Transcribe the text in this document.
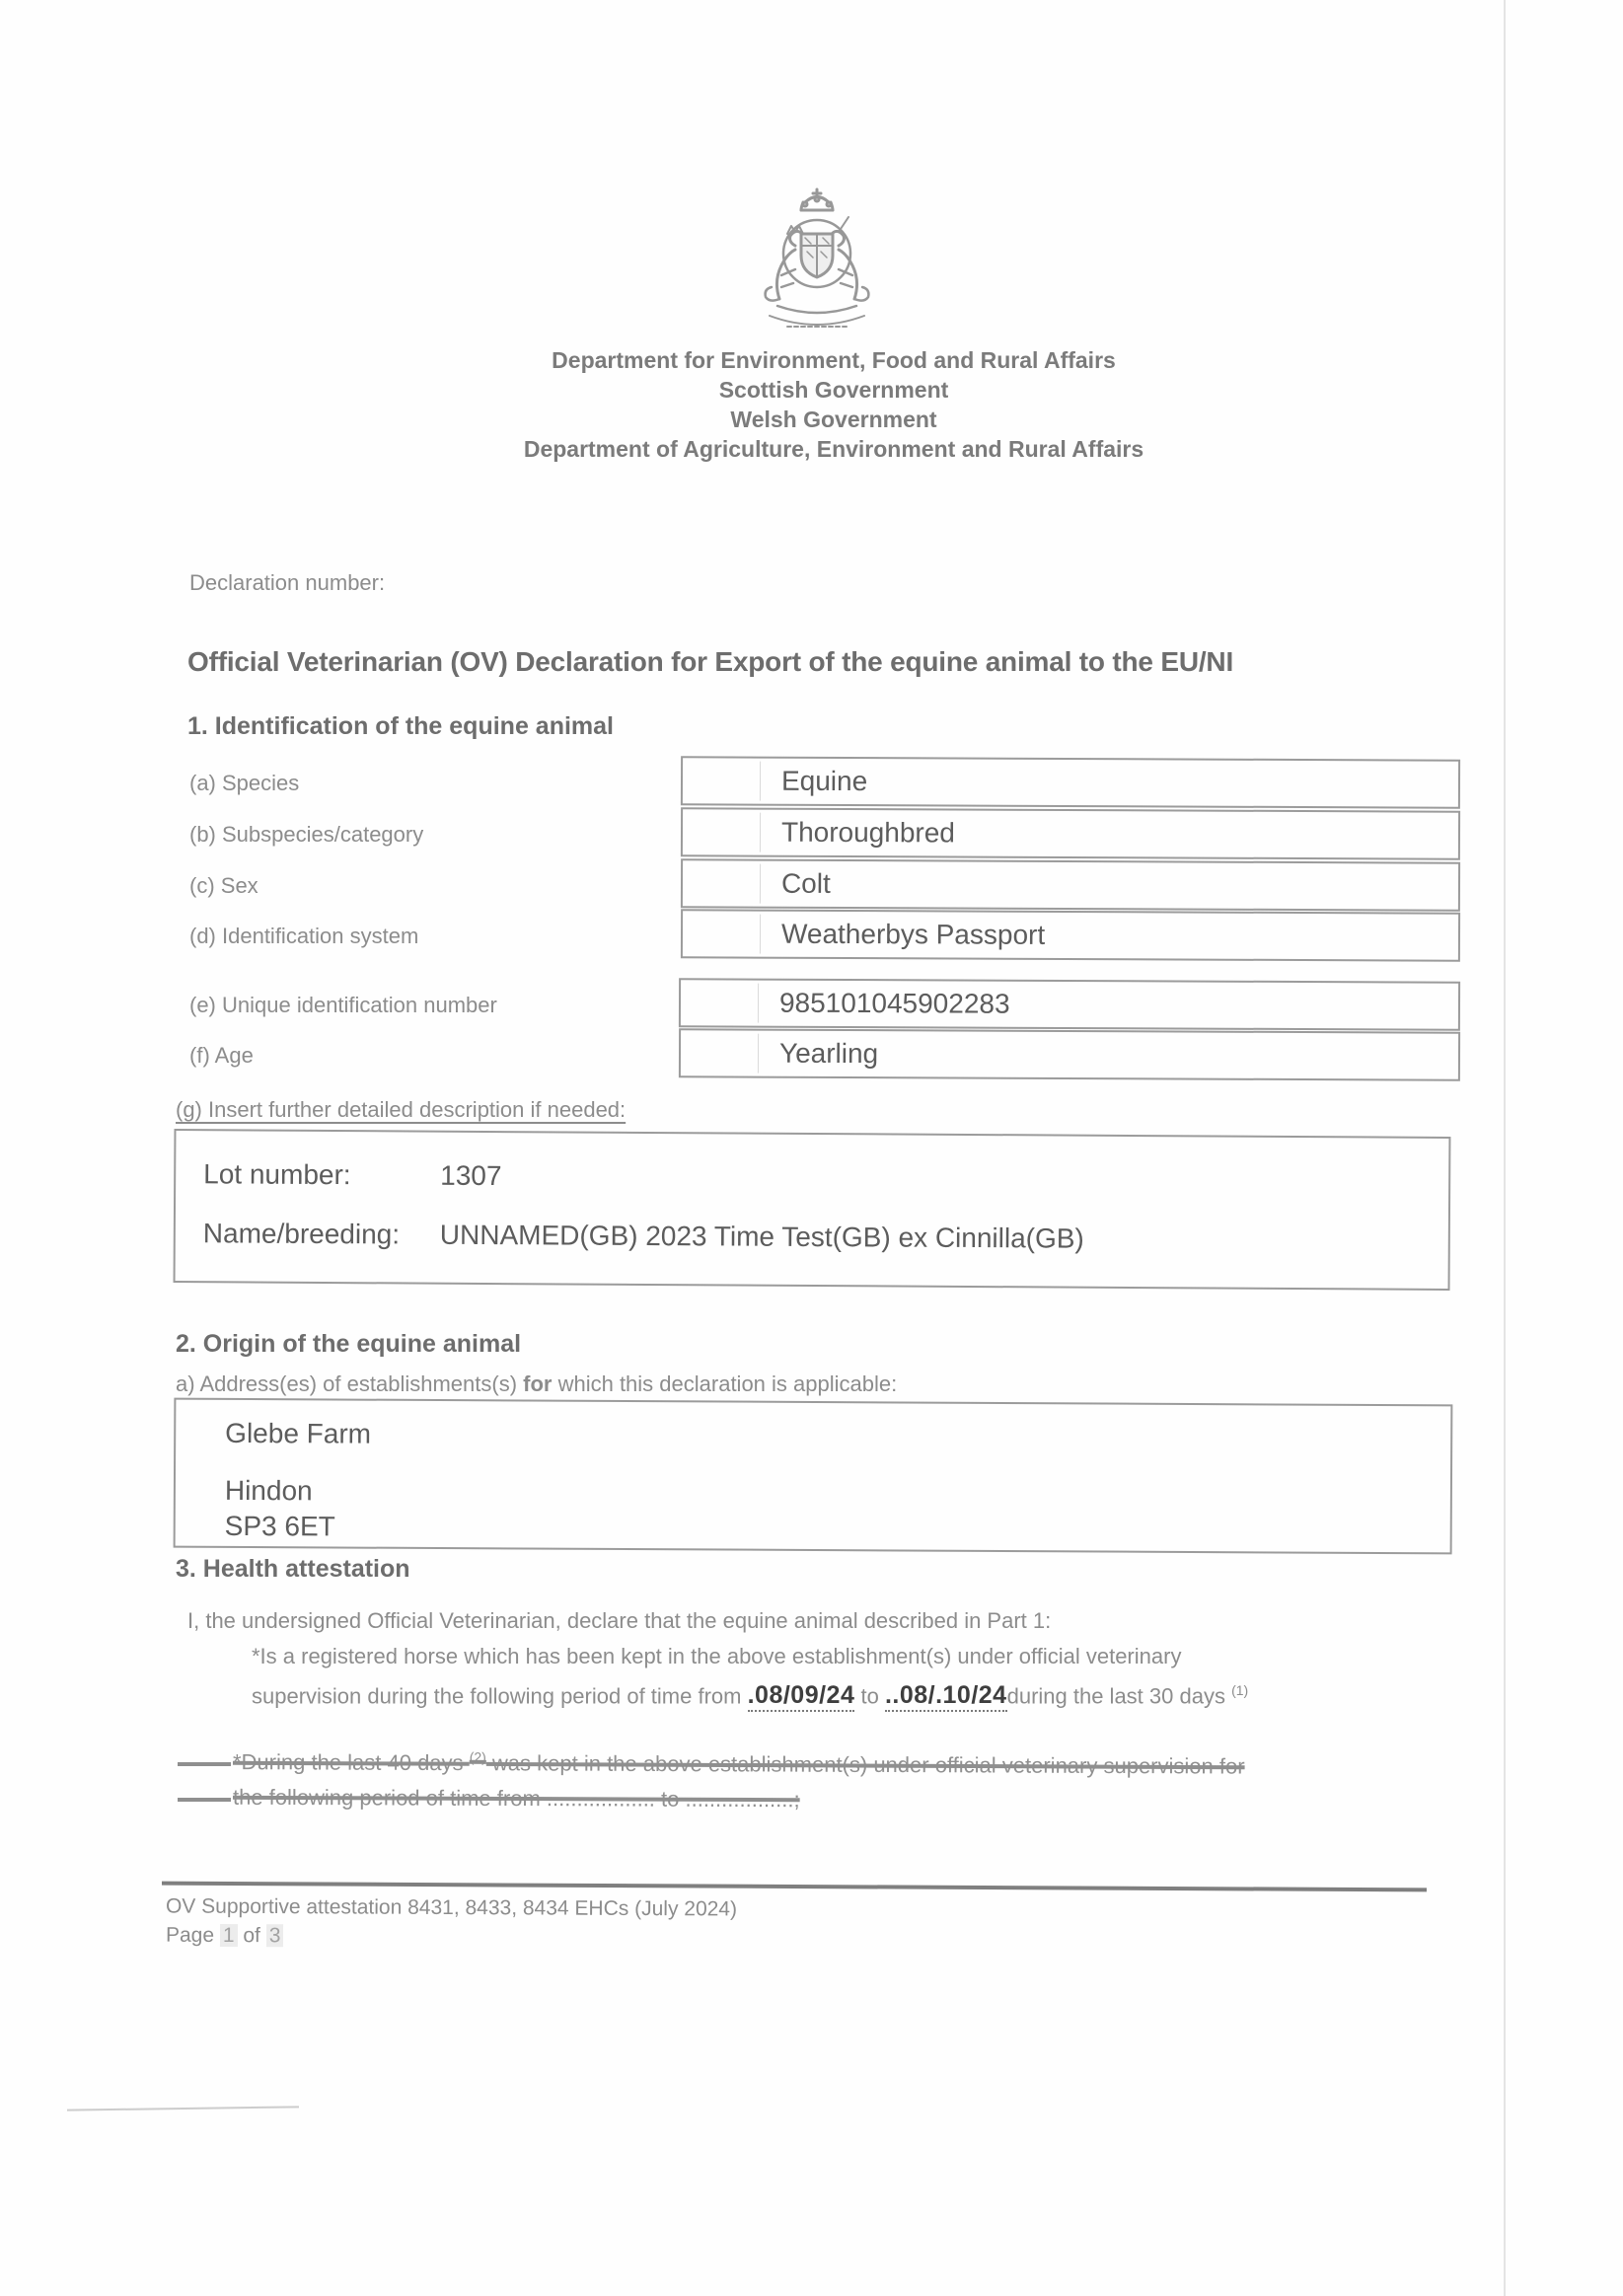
Department for Environment, Food and Rural Affairs
Scottish Government
Welsh Government
Department of Agriculture, Environment and Rural Affairs
Declaration number:
Official Veterinarian (OV) Declaration for Export of the equine animal to the EU/NI
1. Identification of the equine animal
(a) Species	Equine
(b) Subspecies/category	Thoroughbred
(c) Sex	Colt
(d) Identification system	Weatherbys Passport
(e) Unique identification number	985101045902283
(f) Age	Yearling
(g) Insert further detailed description if needed:
Lot number:	1307
Name/breeding: UNNAMED(GB) 2023 Time Test(GB) ex Cinnilla(GB)
2. Origin of the equine animal
a) Address(es) of establishments(s) for which this declaration is applicable:
Glebe Farm
Hindon
SP3 6ET
3. Health attestation
I, the undersigned Official Veterinarian, declare that the equine animal described in Part 1:
*Is a registered horse which has been kept in the above establishment(s) under official veterinary
supervision during the following period of time from .08/09/24 to ..08/.10/24during the last 30 days $^{(1)}$
*During the last 40 days $^{(2)}$ was kept in the above establishment(s) under official veterinary supervision for
the following period of time from .................. to ..................;
OV Supportive attestation 8431, 8433, 8434 EHCs (July 2024)
Page 1 of 3
